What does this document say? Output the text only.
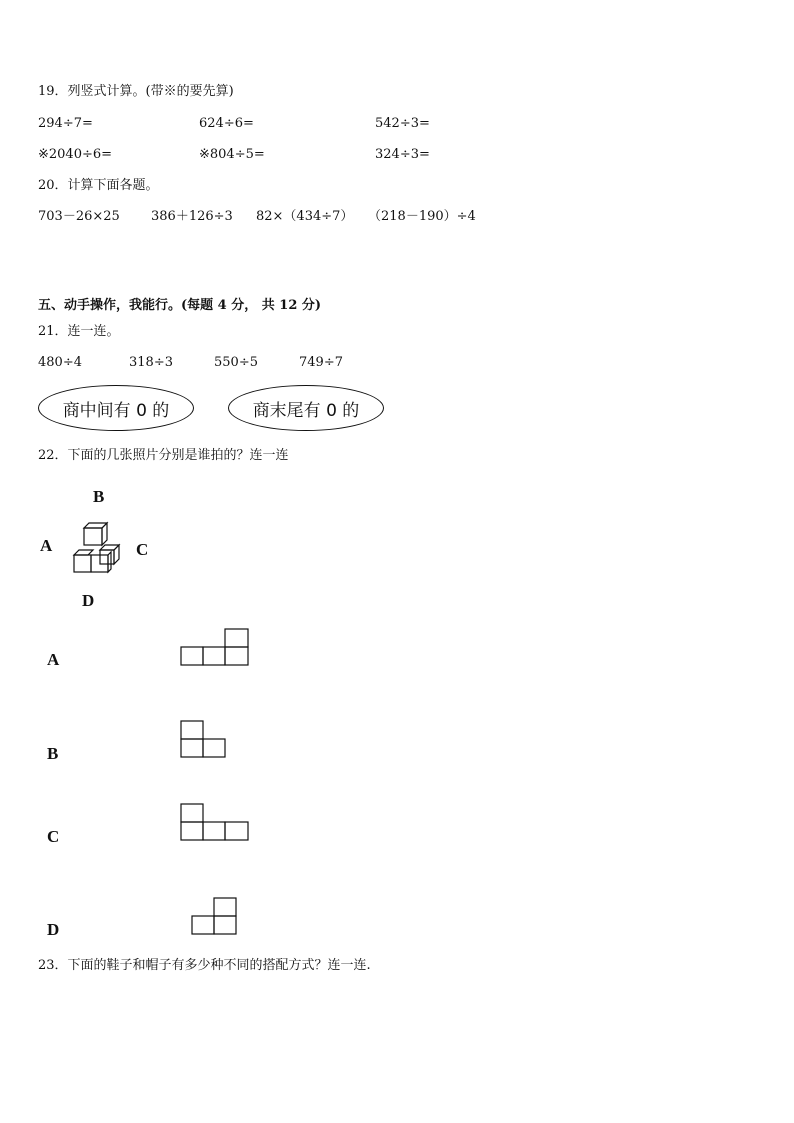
19．列竖式计算。(带※的要先算)
294÷7=	624÷6=	542÷3=
※2040÷6=	※804÷5=	324÷3=
20．计算下面各题。
703－26×25 386＋126÷3 82×（434÷7） （218－190）÷4
五、动手操作，我能行。(每题 4 分， 共 12 分)
21．连一连。
480÷4	318÷3	550÷5	749÷7
商中间有 0 的	商末尾有 0 的
22．下面的几张照片分别是谁拍的？连一连
B
A	C
D
A
B
C
D
23．下面的鞋子和帽子有多少种不同的搭配方式？连一连.
